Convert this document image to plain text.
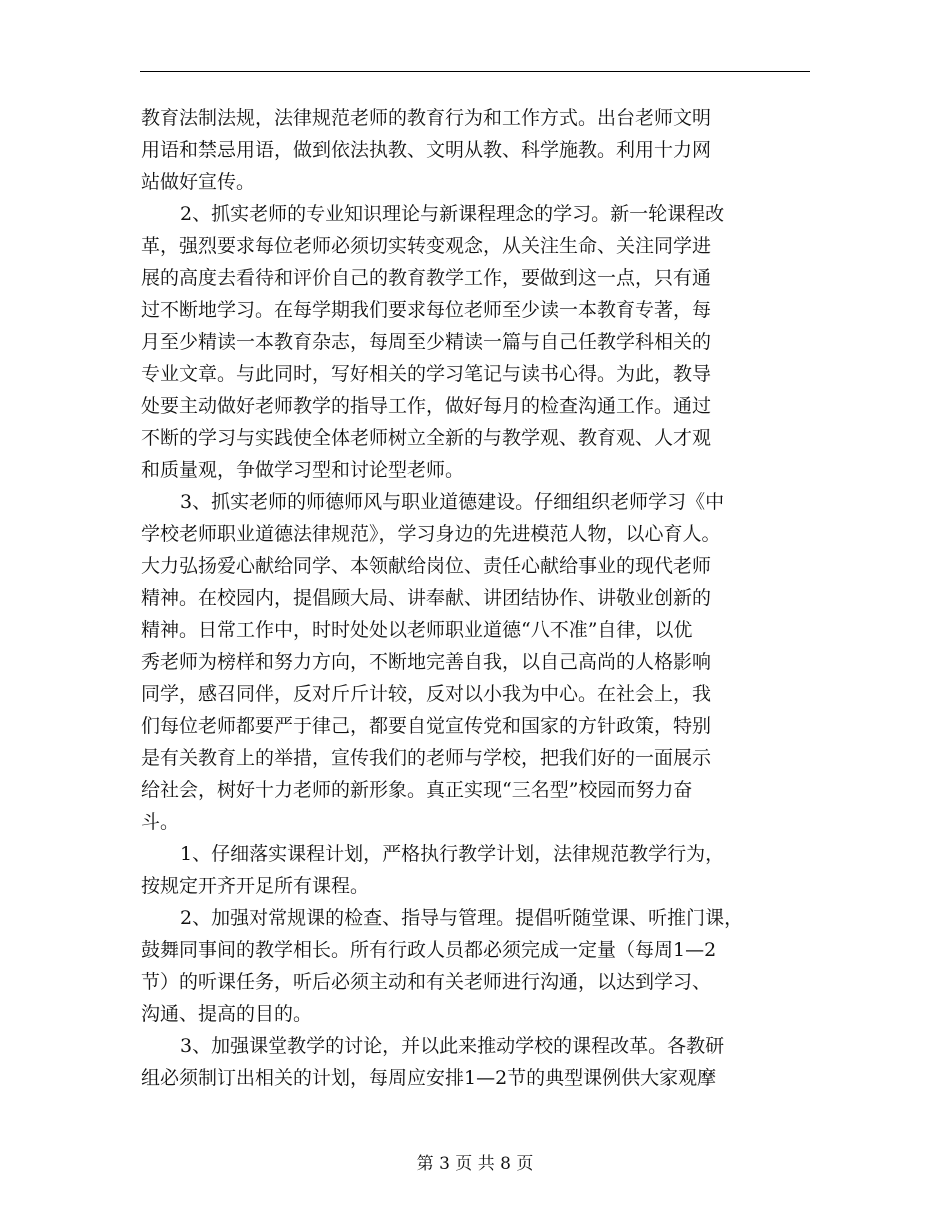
教育法制法规，法律规范老师的教育行为和工作方式。出台老师文明
用语和禁忌用语，做到依法执教、文明从教、科学施教。利用十力网
站做好宣传。
2、抓实老师的专业知识理论与新课程理念的学习。新一轮课程改
革，强烈要求每位老师必须切实转变观念，从关注生命、关注同学进
展的高度去看待和评价自己的教育教学工作，要做到这一点，只有通
过不断地学习。在每学期我们要求每位老师至少读一本教育专著，每
月至少精读一本教育杂志，每周至少精读一篇与自己任教学科相关的
专业文章。与此同时，写好相关的学习笔记与读书心得。为此，教导
处要主动做好老师教学的指导工作，做好每月的检查沟通工作。通过
不断的学习与实践使全体老师树立全新的与教学观、教育观、人才观
和质量观，争做学习型和讨论型老师。
3、抓实老师的师德师风与职业道德建设。仔细组织老师学习《中
学校老师职业道德法律规范》，学习身边的先进模范人物，以心育人。
大力弘扬爱心献给同学、本领献给岗位、责任心献给事业的现代老师
精神。在校园内，提倡顾大局、讲奉献、讲团结协作、讲敬业创新的
精神。日常工作中，时时处处以老师职业道德“八不准”自律，以优
秀老师为榜样和努力方向，不断地完善自我，以自己高尚的人格影响
同学，感召同伴，反对斤斤计较，反对以小我为中心。在社会上，我
们每位老师都要严于律己，都要自觉宣传党和国家的方针政策，特别
是有关教育上的举措，宣传我们的老师与学校，把我们好的一面展示
给社会，树好十力老师的新形象。真正实现“三名型”校园而努力奋
斗。
1、仔细落实课程计划，严格执行教学计划，法律规范教学行为，
按规定开齐开足所有课程。
2、加强对常规课的检查、指导与管理。提倡听随堂课、听推门课，
鼓舞同事间的教学相长。所有行政人员都必须完成一定量（每周1—2
节）的听课任务，听后必须主动和有关老师进行沟通，以达到学习、
沟通、提高的目的。
3、加强课堂教学的讨论，并以此来推动学校的课程改革。各教研
组必须制订出相关的计划，每周应安排1—2节的典型课例供大家观摩
第 3 页 共 8 页
